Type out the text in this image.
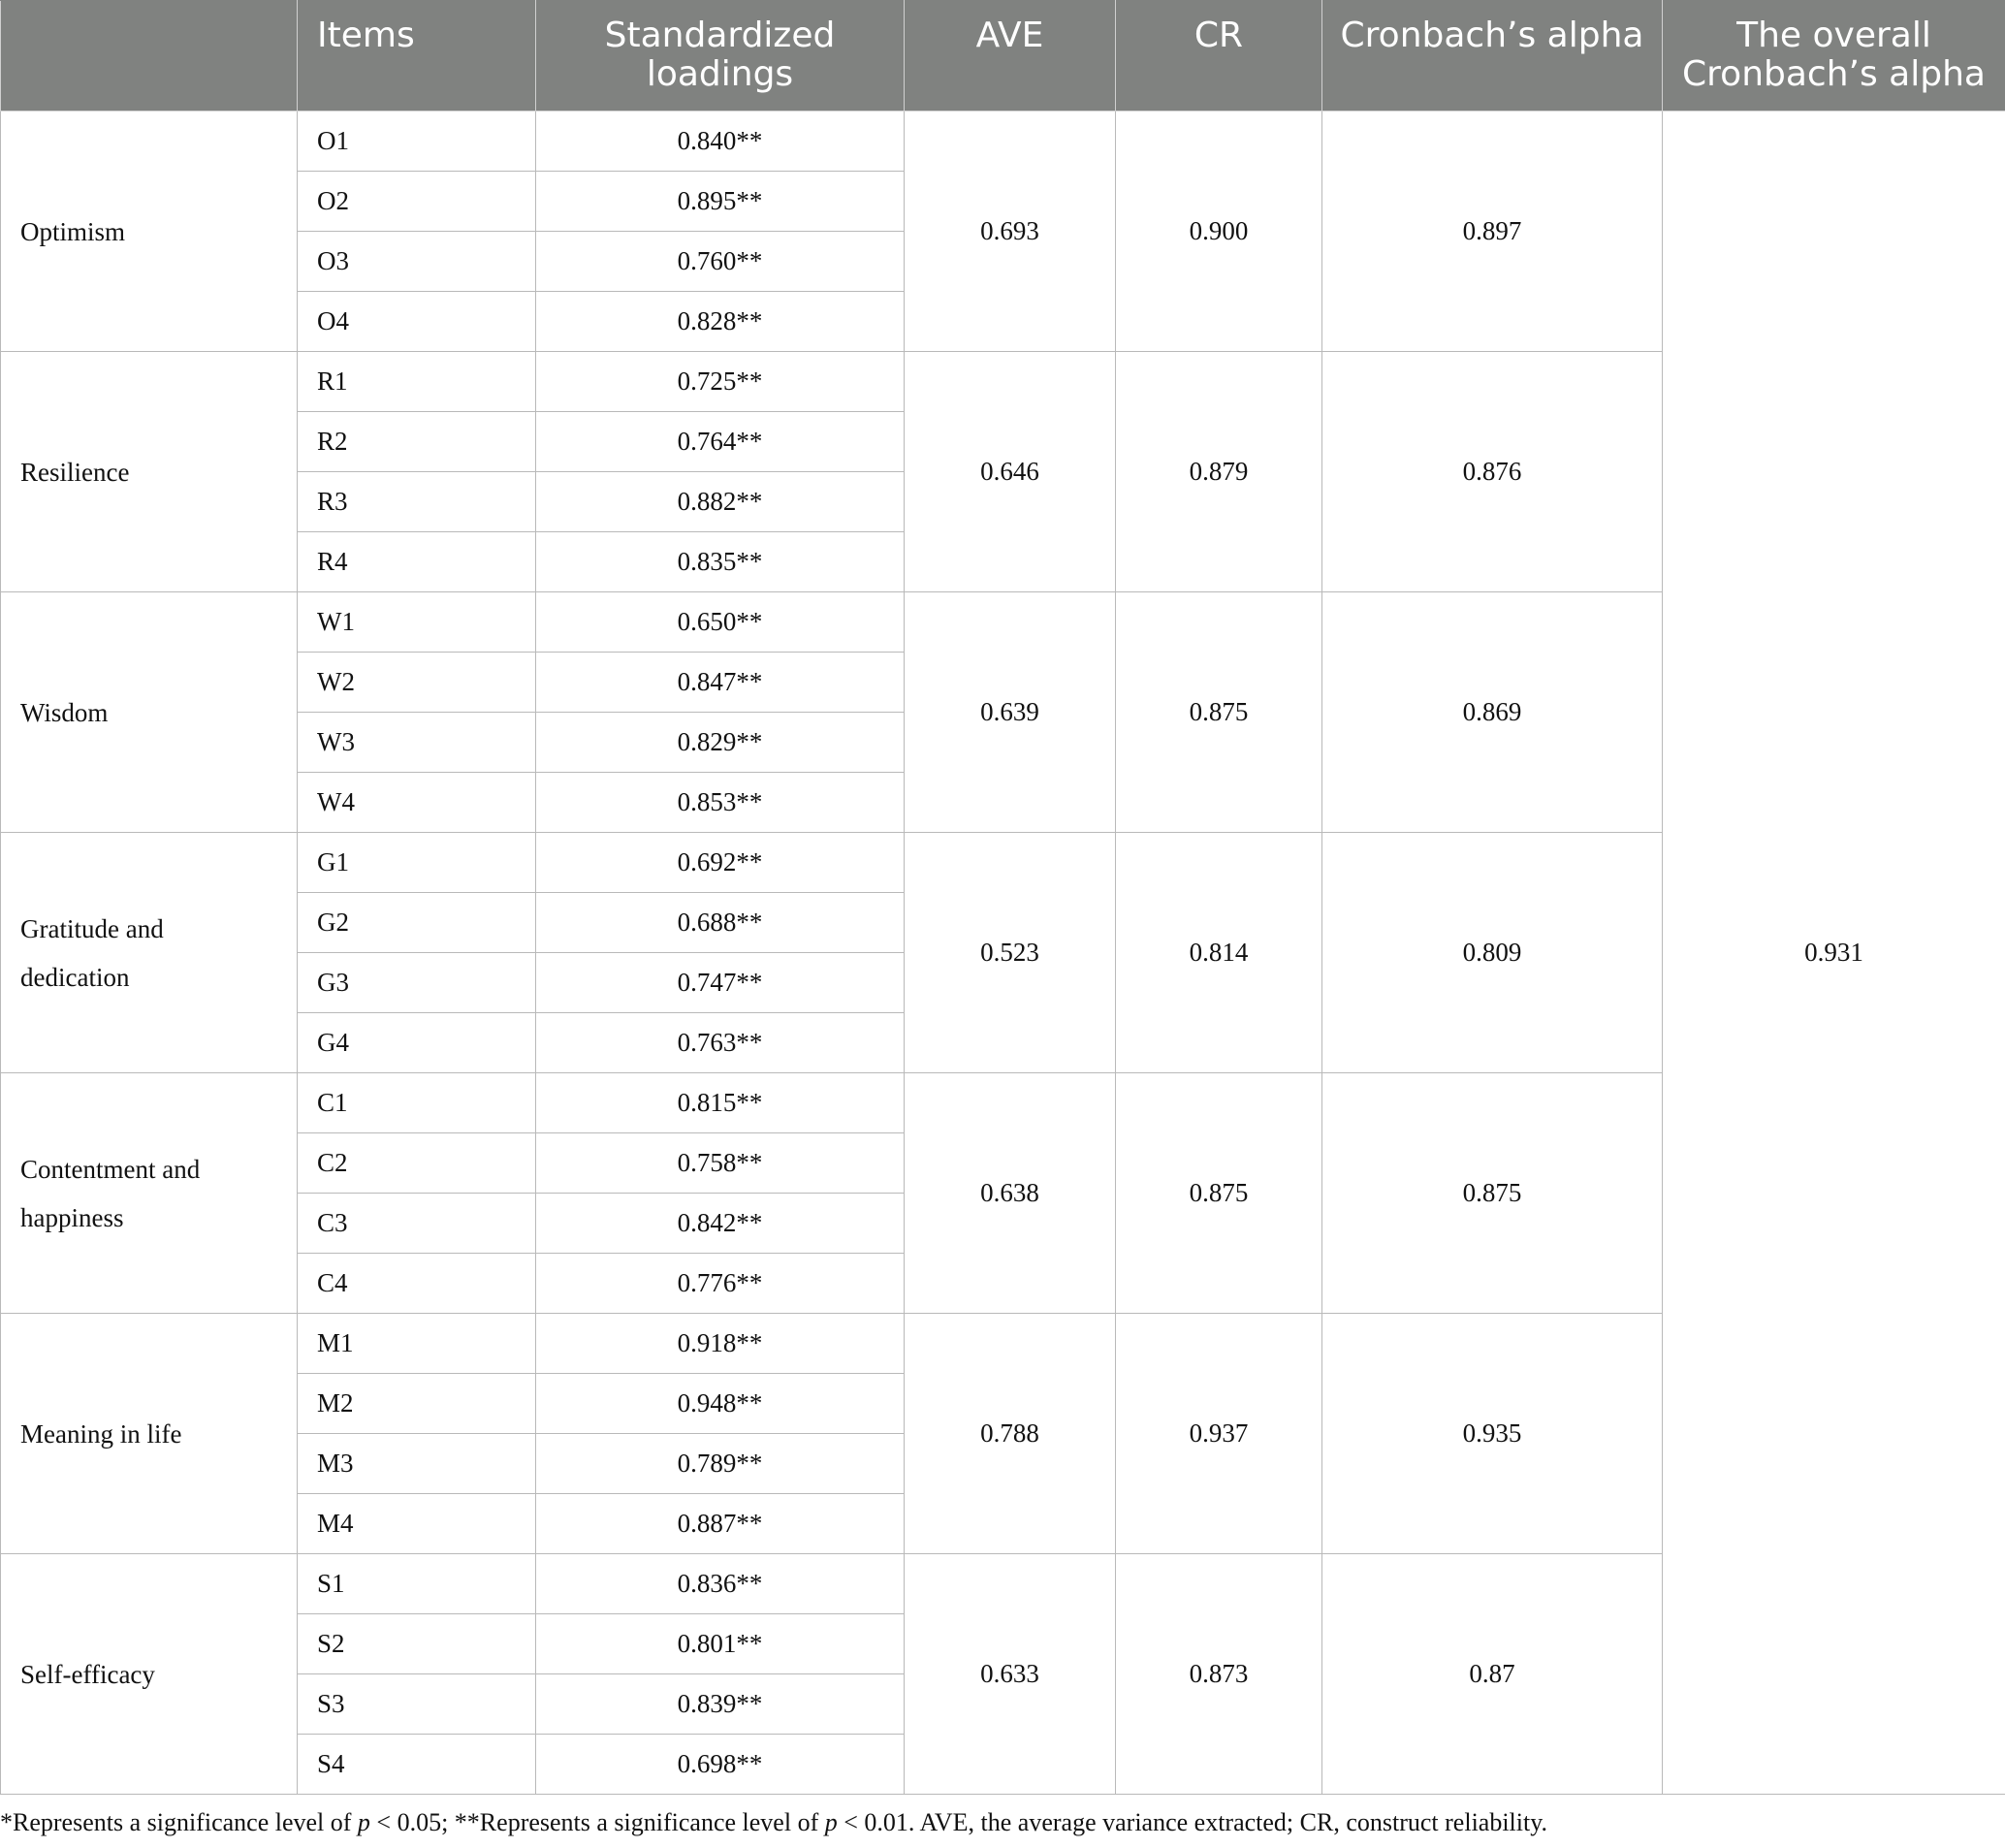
	Items	Standardized loadings	AVE	CR	Cronbach’s alpha	The overall Cronbach’s alpha
Optimism	O1	0.840**	0.693	0.900	0.897	0.931
	O2	0.895**				
	O3	0.760**				
	O4	0.828**				
Resilience	R1	0.725**	0.646	0.879	0.876	
	R2	0.764**				
	R3	0.882**				
	R4	0.835**				
Wisdom	W1	0.650**	0.639	0.875	0.869	
	W2	0.847**				
	W3	0.829**				
	W4	0.853**				
Gratitude and dedication	G1	0.692**	0.523	0.814	0.809	
	G2	0.688**				
	G3	0.747**				
	G4	0.763**				
Contentment and happiness	C1	0.815**	0.638	0.875	0.875	
	C2	0.758**				
	C3	0.842**				
	C4	0.776**				
Meaning in life	M1	0.918**	0.788	0.937	0.935	
	M2	0.948**				
	M3	0.789**				
	M4	0.887**				
Self-efficacy	S1	0.836**	0.633	0.873	0.87	
	S2	0.801**				
	S3	0.839**				
	S4	0.698**				
*Represents a significance level of p < 0.05; **Represents a significance level of p < 0.01. AVE, the average variance extracted; CR, construct reliability.
